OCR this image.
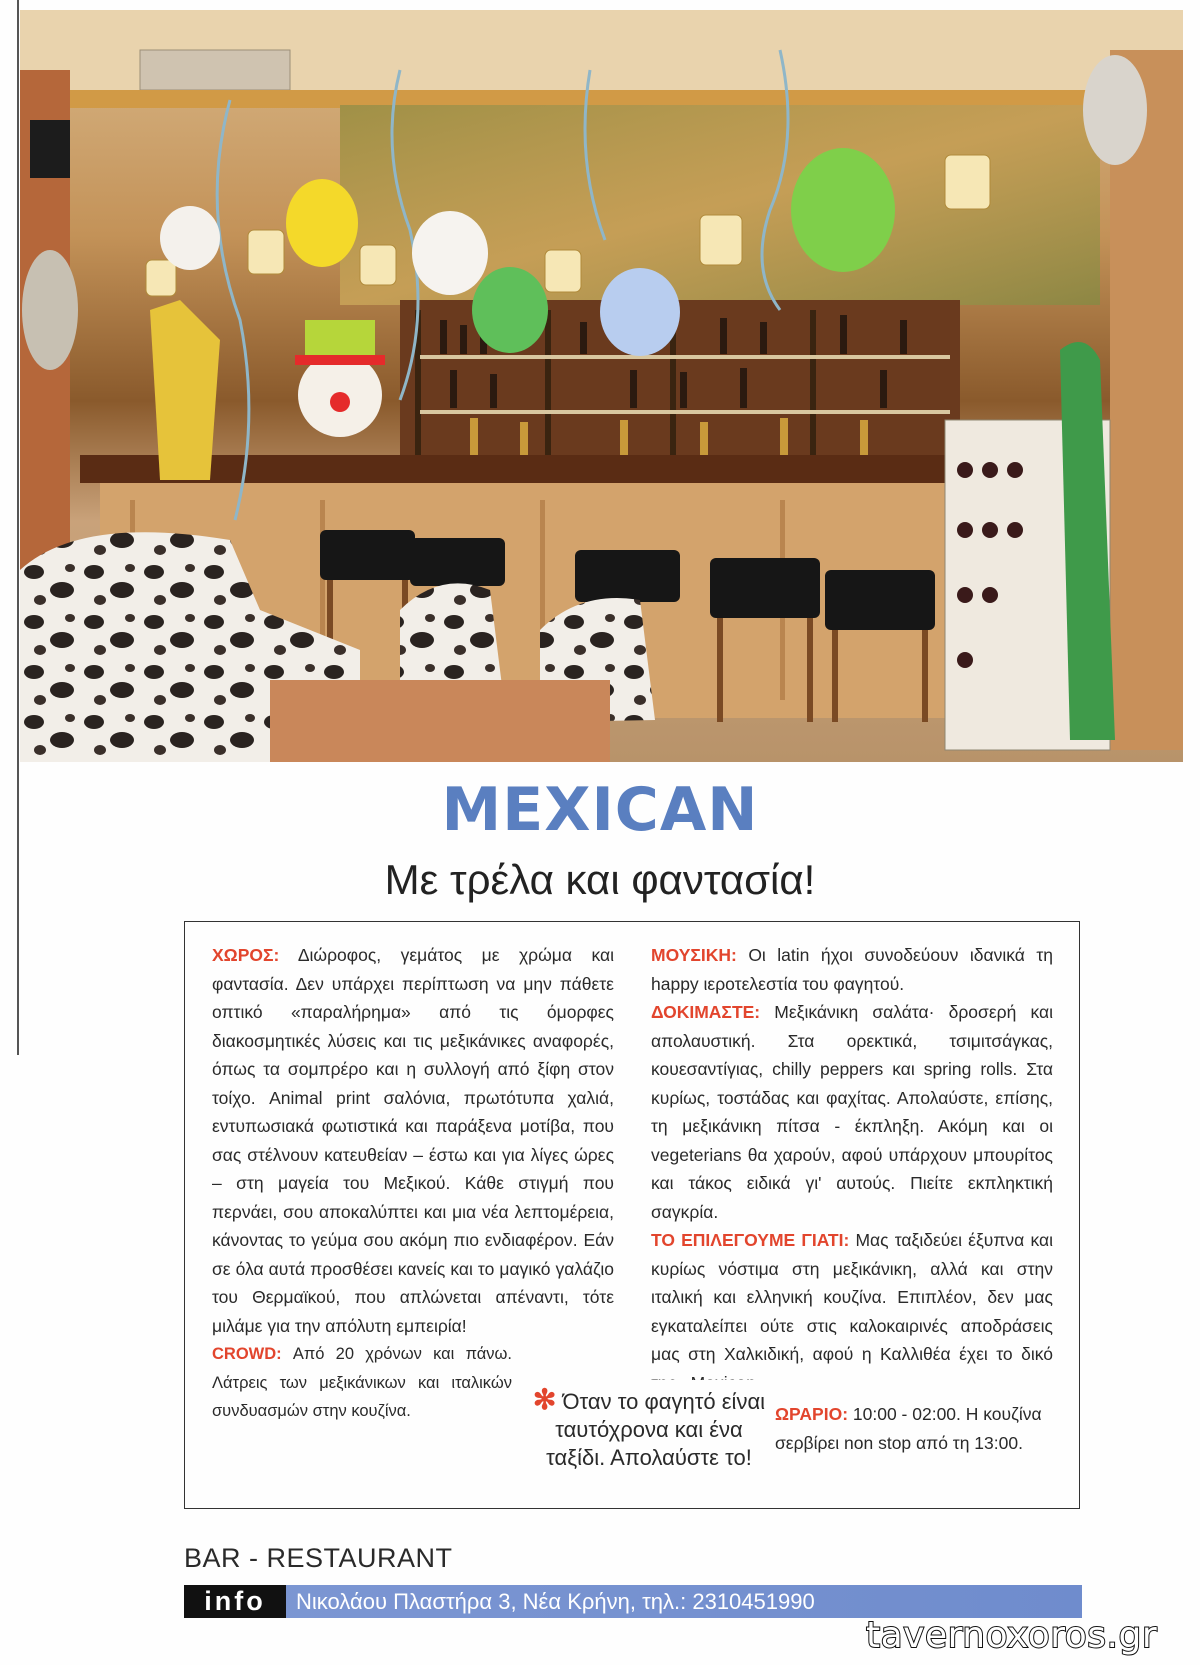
MEXICAN
Με τρέλα και φαντασία!

ΧΩΡΟΣ: Διώροφος, γεμάτος με χρώμα και φαντασία. Δεν υπάρχει περίπτωση να μην πάθετε οπτικό «παραλήρημα» από τις όμορφες διακοσμητικές λύσεις και τις μεξικάνικες αναφορές, όπως τα σομπρέρο και η συλλογή από ξίφη στον τοίχο. Animal print σαλόνια, πρωτότυπα χαλιά, εντυπωσιακά φωτιστικά και παράξενα μοτίβα, που σας στέλνουν κατευθείαν – έστω και για λίγες ώρες – στη μαγεία του Μεξικού. Κάθε στιγμή που περνάει, σου αποκαλύπτει και μια νέα λεπτομέρεια, κάνοντας το γεύμα σου ακόμη πιο ενδιαφέρον. Εάν σε όλα αυτά προσθέσει κανείς και το μαγικό γαλάζιο του Θερμαϊκού, που απλώνεται απέναντι, τότε μιλάμε για την απόλυτη εμπειρία!

CROWD: Από 20 χρόνων και πάνω. Λάτρεις των μεξικάνικων και ιταλικών συνδυασμών στην κουζίνα.

ΜΟΥΣΙΚΗ: Οι latin ήχοι συνοδεύουν ιδανικά τη happy ιεροτελεστία του φαγητού.

ΔΟΚΙΜΑΣΤΕ: Μεξικάνικη σαλάτα· δροσερή και απολαυστική. Στα ορεκτικά, τσιμιτσάγκας, κουεσαντίγιας, chilly peppers και spring rolls. Στα κυρίως, τοστάδας και φαχίτας. Απολαύστε, επίσης, τη μεξικάνικη πίτσα - έκπληξη. Ακόμη και οι vegeterians θα χαρούν, αφού υπάρχουν μπουρίτος και τάκος ειδικά γι' αυτούς. Πιείτε εκπληκτική σαγκρία.

ΤΟ ΕΠΙΛΕΓΟΥΜΕ ΓΙΑΤΙ: Μας ταξιδεύει έξυπνα και κυρίως νόστιμα στη μεξικάνικη, αλλά και στην ιταλική και ελληνική κουζίνα. Επιπλέον, δεν μας εγκαταλείπει ούτε στις καλοκαιρινές αποδράσεις μας στη Χαλκιδική, αφού η Καλλιθέα έχει το δικό

ΩΡΑΡΙΟ: 10:00 - 02:00. Η κουζίνα σερβίρει non stop από τη 13:00.
✻ Όταν το φαγητό είναι ταυτόχρονα και ένα ταξίδι. Απολαύστε το!
BAR - RESTAURANT
info	Νικολάου Πλαστήρα 3, Νέα Κρήνη, τηλ.: 2310451990
tavernoxoros.gr
